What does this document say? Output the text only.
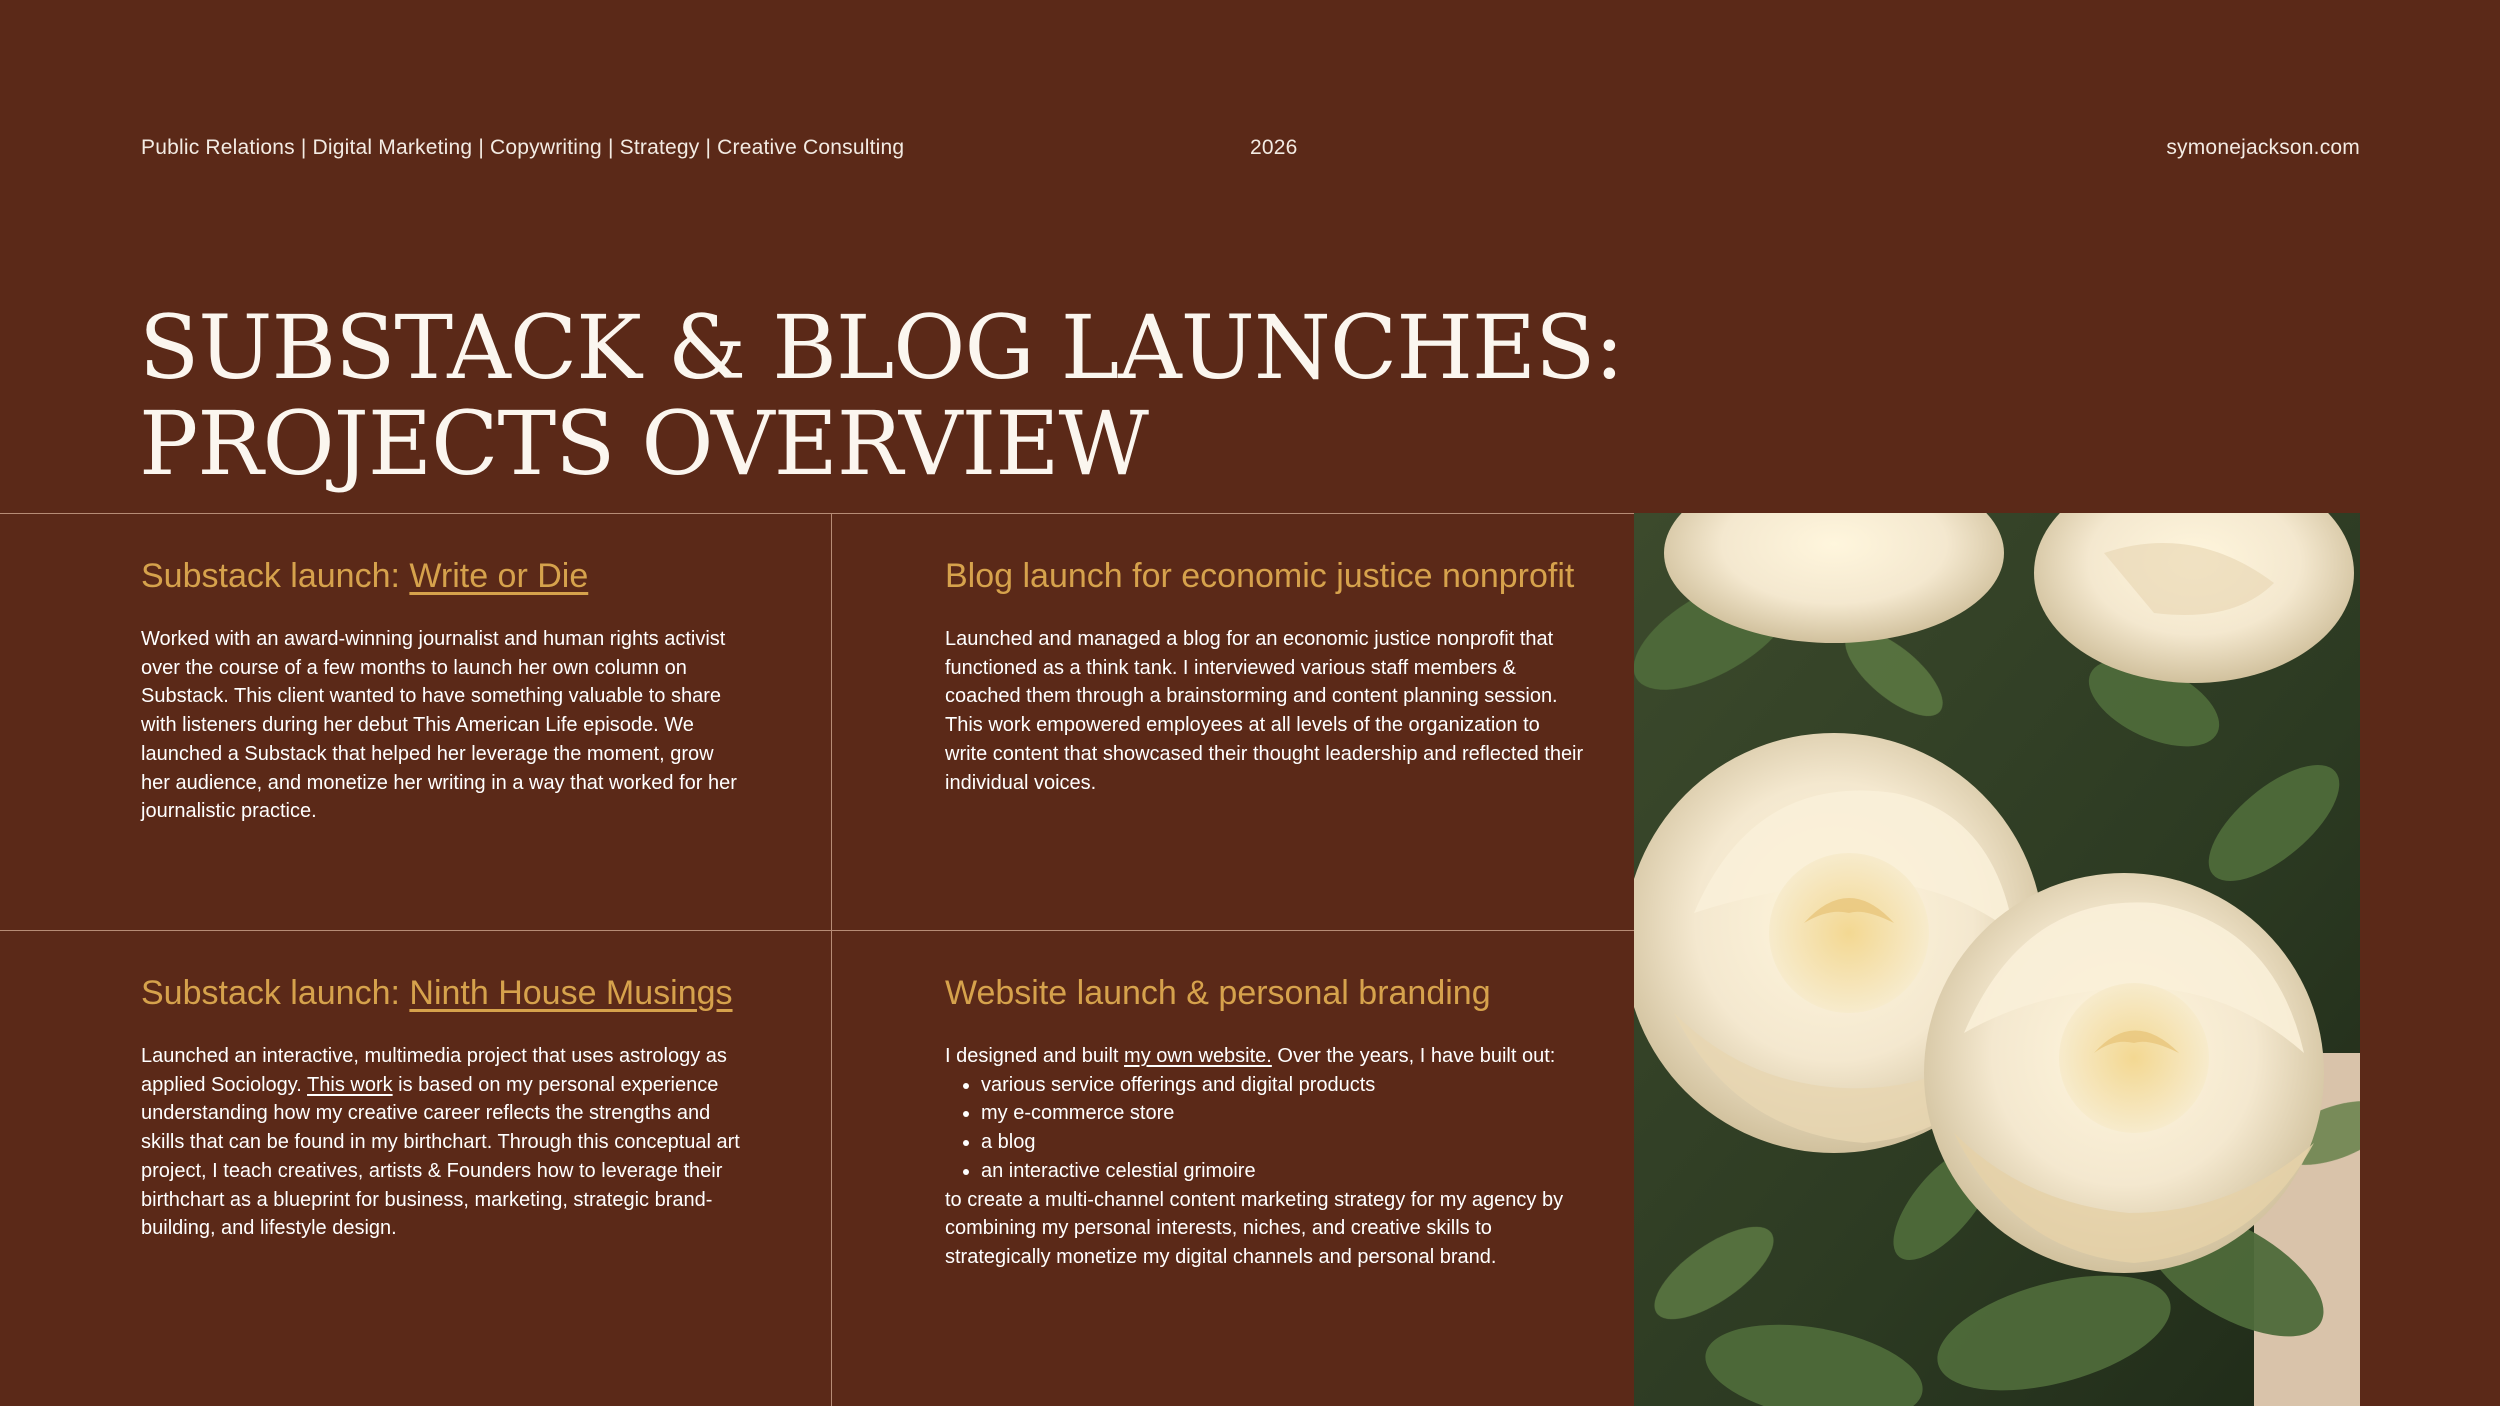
Public Relations | Digital Marketing | Copywriting | Strategy | Creative Consulting	2026	symonejackson.com
SUBSTACK & BLOG LAUNCHES:
PROJECTS OVERVIEW
Substack launch: Write or Die

Worked with an award-winning journalist and human rights activist over the course of a few months to launch her own column on Substack. This client wanted to have something valuable to share with listeners during her debut This American Life episode. We launched a Substack that helped her leverage the moment, grow her audience, and monetize her writing in a way that worked for her journalistic practice.

Blog launch for economic justice nonprofit

Launched and managed a blog for an economic justice nonprofit that functioned as a think tank. I interviewed various staff members & coached them through a brainstorming and content planning session. This work empowered employees at all levels of the organization to write content that showcased their thought leadership and reflected their individual voices.

Substack launch: Ninth House Musings

Launched an interactive, multimedia project that uses astrology as applied Sociology. This work is based on my personal experience understanding how my creative career reflects the strengths and skills that can be found in my birthchart. Through this conceptual art project, I teach creatives, artists & Founders how to leverage their birthchart as a blueprint for business, marketing, strategic brand-building, and lifestyle design.

Website launch & personal branding

I designed and built my own website. Over the years, I have built out:

• various service offerings and digital products
• my e-commerce store
• a blog
• an interactive celestial grimoire

to create a multi-channel content marketing strategy for my agency by combining my personal interests, niches, and creative skills to strategically monetize my digital channels and personal brand.
